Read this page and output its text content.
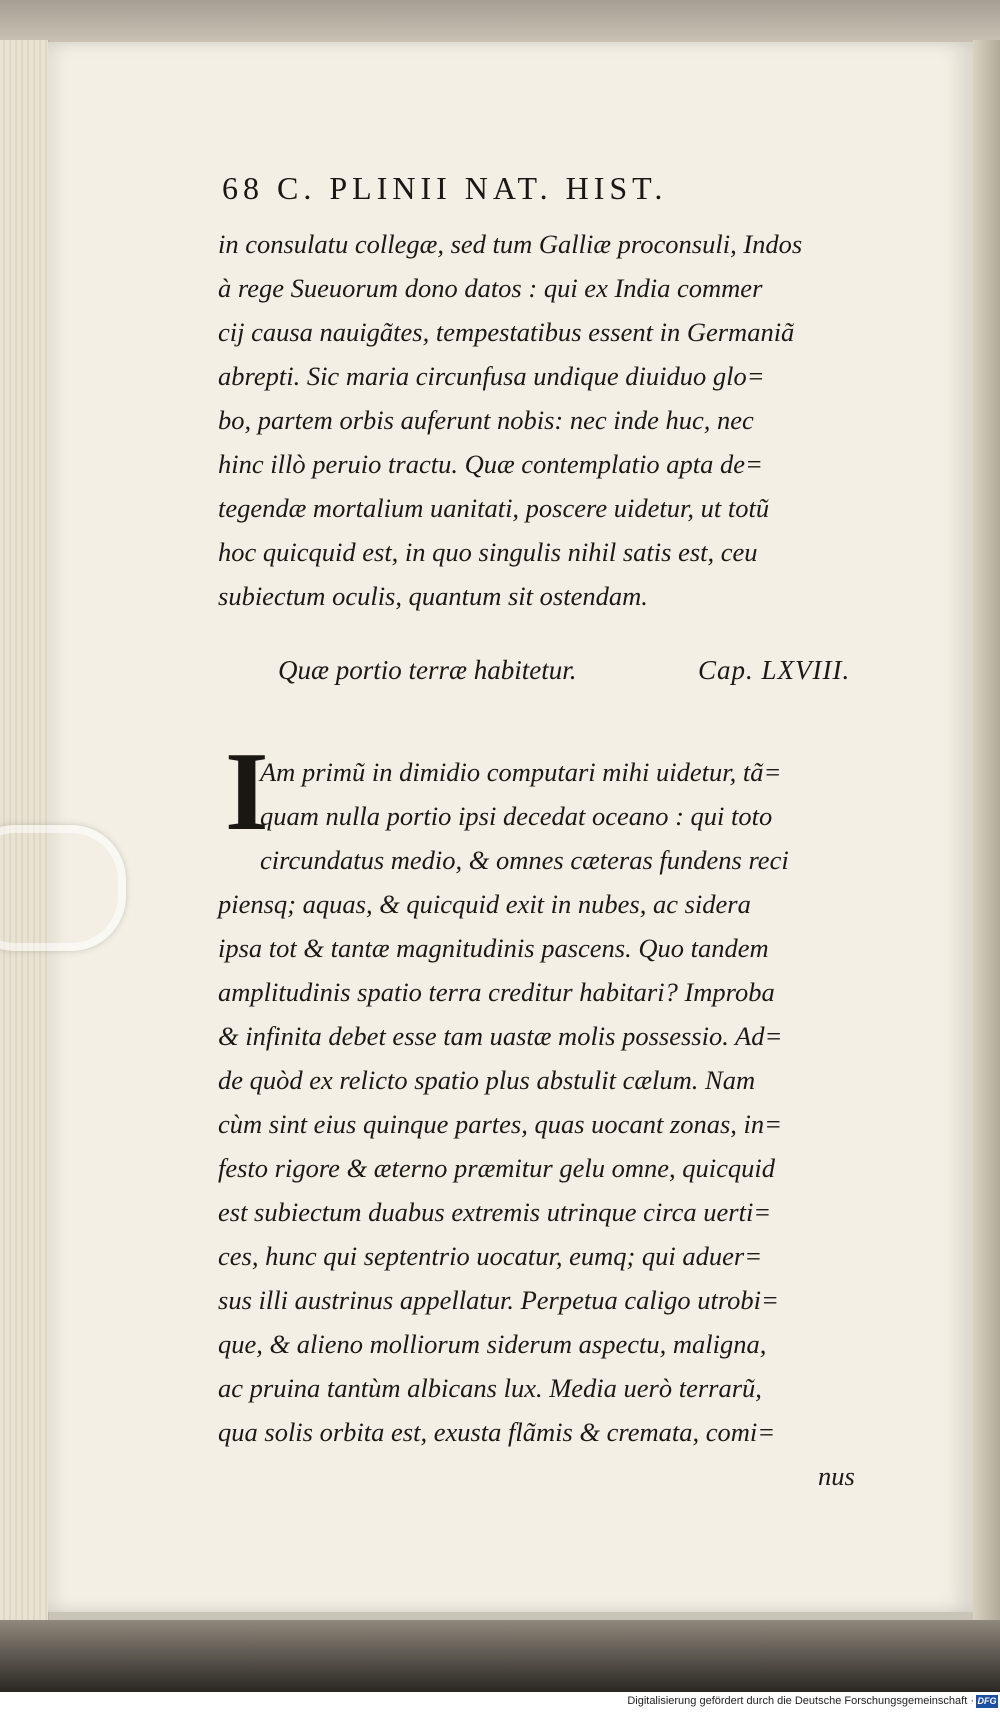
68 C. PLINII NAT. HIST.
in consulatu collegæ, sed tum Galliæ proconsuli, Indos
à rege Sueuorum dono datos : qui ex India commer
cij causa nauigãtes, tempestatibus essent in Germaniã
abrepti. Sic maria circunfusa undique diuiduo glo=
bo, partem orbis auferunt nobis: nec inde huc, nec
hinc illò peruio tractu. Quæ contemplatio apta de=
tegendæ mortalium uanitati, poscere uidetur, ut totũ
hoc quicquid est, in quo singulis nihil satis est, ceu
subiectum oculis, quantum sit ostendam.
Quæ portio terræ habitetur.	Cap. LXVIII.
I
Am primũ in dimidio computari mihi uidetur, tã=
quam nulla portio ipsi decedat oceano : qui toto
circundatus medio, & omnes cæteras fundens reci
piensq; aquas, & quicquid exit in nubes, ac sidera
ipsa tot & tantæ magnitudinis pascens. Quo tandem
amplitudinis spatio terra creditur habitari? Improba
& infinita debet esse tam uastæ molis possessio. Ad=
de quòd ex relicto spatio plus abstulit cælum. Nam
cùm sint eius quinque partes, quas uocant zonas, in=
festo rigore & æterno præmitur gelu omne, quicquid
est subiectum duabus extremis utrinque circa uerti=
ces, hunc qui septentrio uocatur, eumq; qui aduer=
sus illi austrinus appellatur. Perpetua caligo utrobi=
que, & alieno molliorum siderum aspectu, maligna,
ac pruina tantùm albicans lux. Media uerò terrarũ,
qua solis orbita est, exusta flãmis & cremata, comi=
nus
Digitalisierung gefördert durch die Deutsche Forschungsgemeinschaft · DFG
